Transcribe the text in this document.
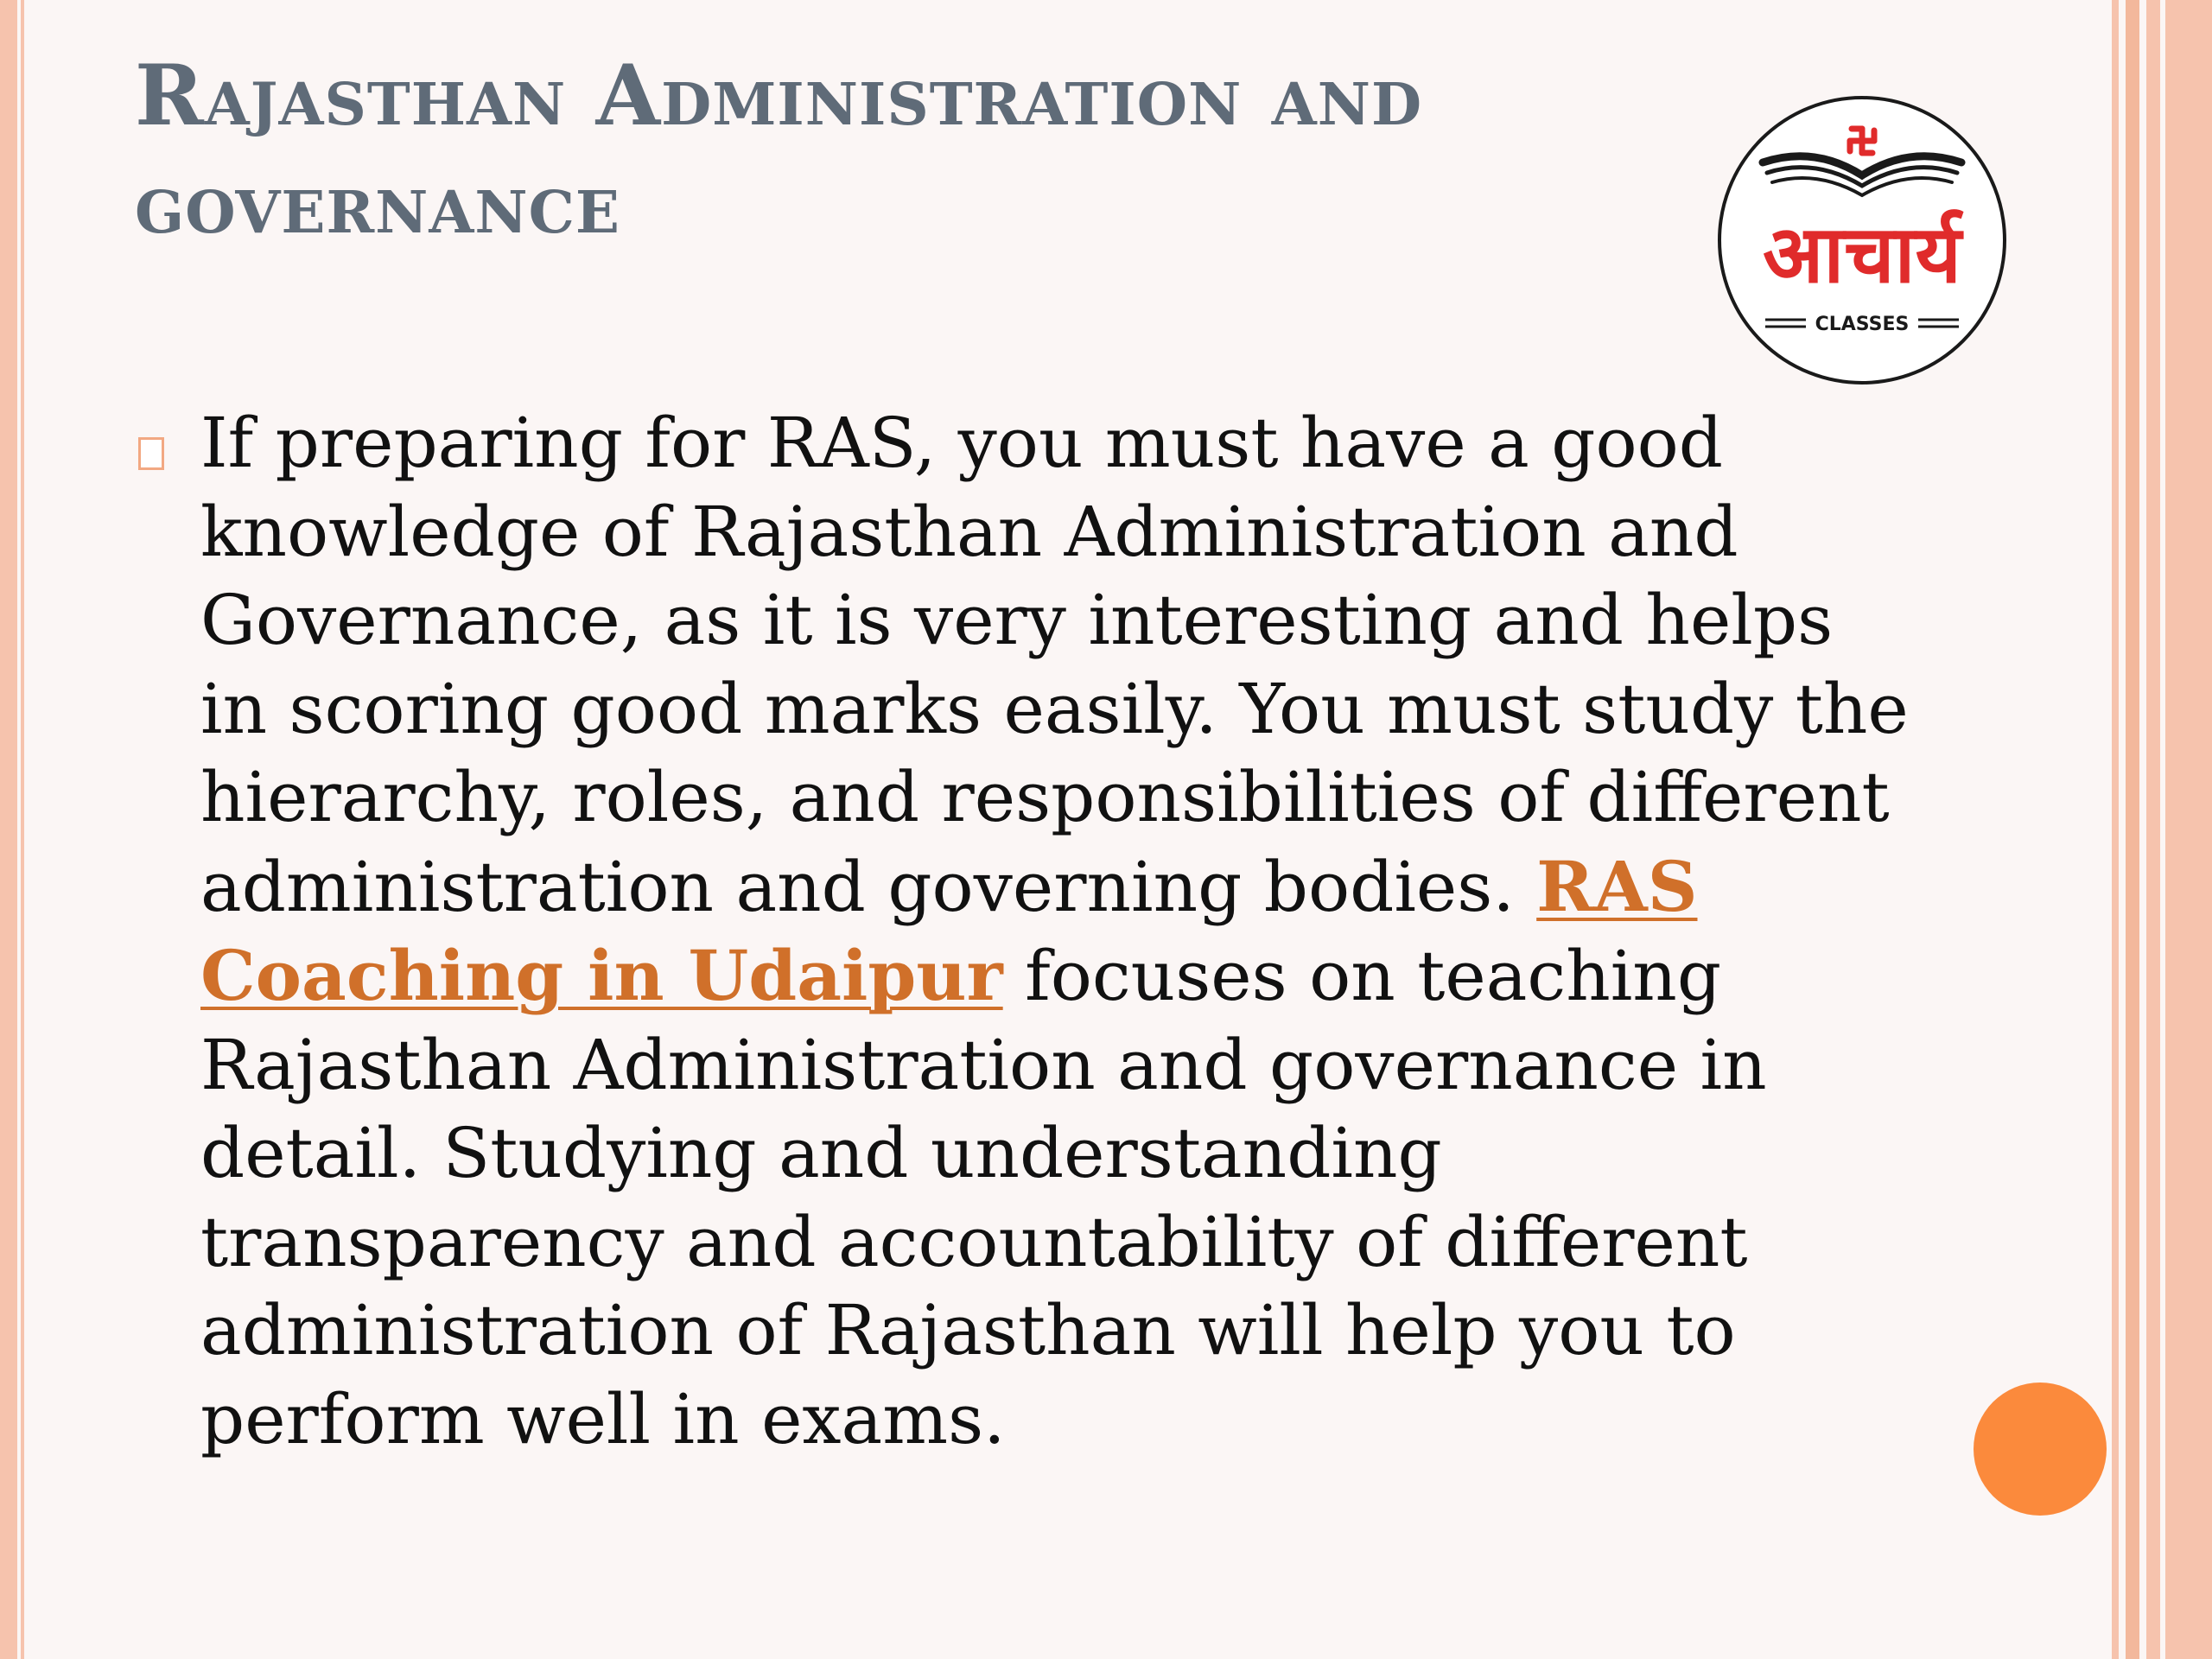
Rajasthan Administration and governance
आचार्य
CLASSES

If preparing for RAS, you must have a good knowledge of Rajasthan Administration and Governance, as it is very interesting and helps in scoring good marks easily. You must study the hierarchy, roles, and responsibilities of different administration and governing bodies. RAS Coaching in Udaipur focuses on teaching Rajasthan Administration and governance in detail. Studying and understanding transparency and accountability of different administration of Rajasthan will help you to perform well in exams.
